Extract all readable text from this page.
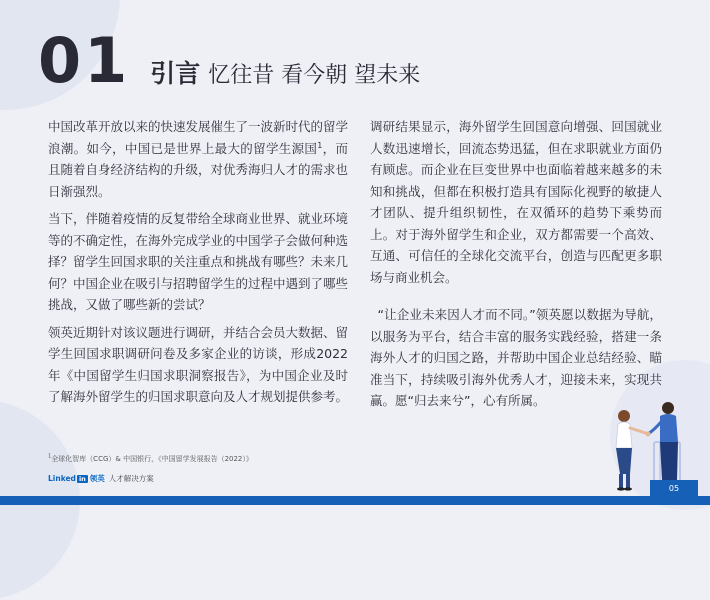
01 引言 忆往昔 看今朝 望未来

中国改革开放以来的快速发展催生了一波新时代的留学浪潮。如今，中国已是世界上最大的留学生源国$^1$，而且随着自身经济结构的升级，对优秀海归人才的需求也日渐强烈。

当下，伴随着疫情的反复带给全球商业世界、就业环境等的不确定性，在海外完成学业的中国学子会做何种选择？留学生回国求职的关注重点和挑战有哪些？未来几何？中国企业在吸引与招聘留学生的过程中遇到了哪些挑战，又做了哪些新的尝试？

领英近期针对该议题进行调研，并结合会员大数据、留学生回国求职调研问卷及多家企业的访谈，形成2022年《中国留学生归国求职洞察报告》，为中国企业及时了解海外留学生的归国求职意向及人才规划提供参考。

调研结果显示，海外留学生回国意向增强、回国就业人数迅速增长，回流态势迅猛，但在求职就业方面仍有顾虑。而企业在巨变世界中也面临着越来越多的未知和挑战，但都在积极打造具有国际化视野的敏捷人才团队、提升组织韧性，在双循环的趋势下乘势而上。对于海外留学生和企业，双方都需要一个高效、互通、可信任的全球化交流平台，创造与匹配更多职场与商业机会。

“让企业未来因人才而不同。”领英愿以数据为导航，以服务为平台，结合丰富的服务实践经验，搭建一条海外人才的归国之路，并帮助中国企业总结经验、瞄准当下，持续吸引海外优秀人才，迎接未来，实现共赢。愿“归去来兮”，心有所属。

$^1$全球化智库（CCG）& 中国银行，《中国留学发展报告（2022）》
Linked in 领英 人才解决方案
05
